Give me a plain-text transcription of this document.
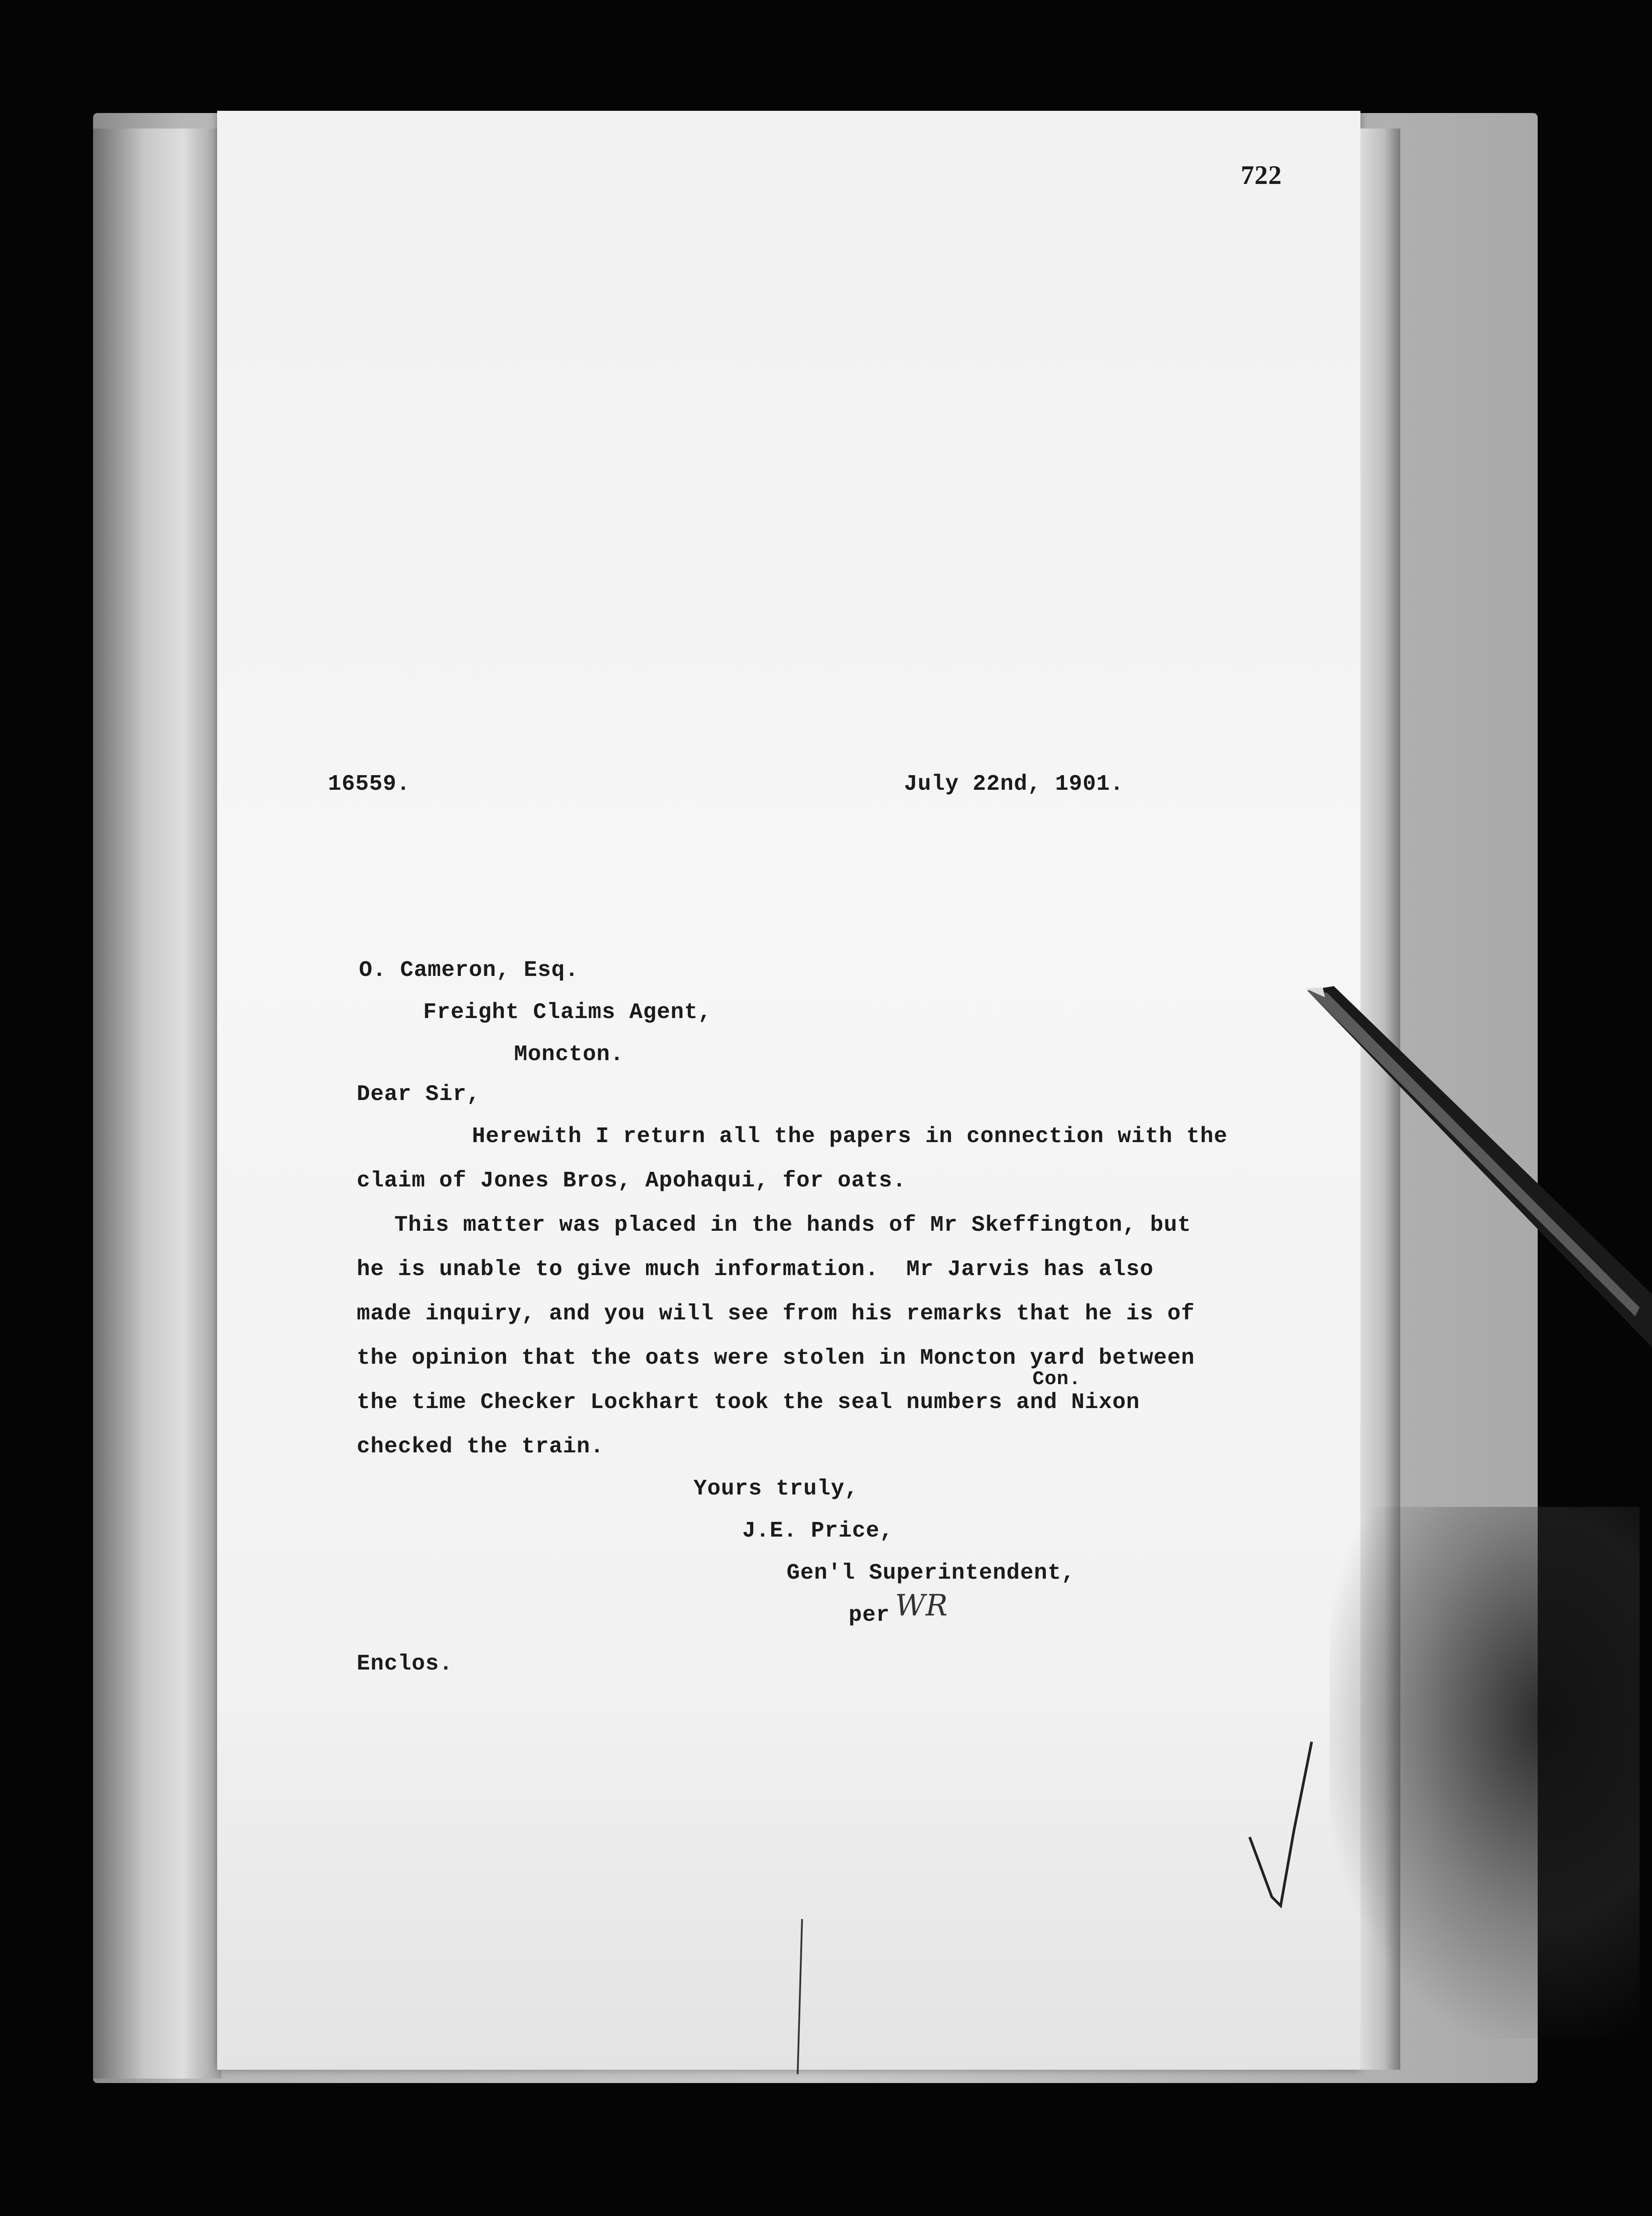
722
16559.	July 22nd, 1901.
O. Cameron, Esq.
Freight Claims Agent,
Moncton.
Dear Sir,
Herewith I return all the papers in connection with the
claim of Jones Bros, Apohaqui, for oats.
This matter was placed in the hands of Mr Skeffington, but
he is unable to give much information.  Mr Jarvis has also
made inquiry, and you will see from his remarks that he is of
the opinion that the oats were stolen in Moncton yard between
Con.
the time Checker Lockhart took the seal numbers and Nixon
checked the train.
Yours truly,
J.E. Price,
Gen'l Superintendent,
per WR
Enclos.
